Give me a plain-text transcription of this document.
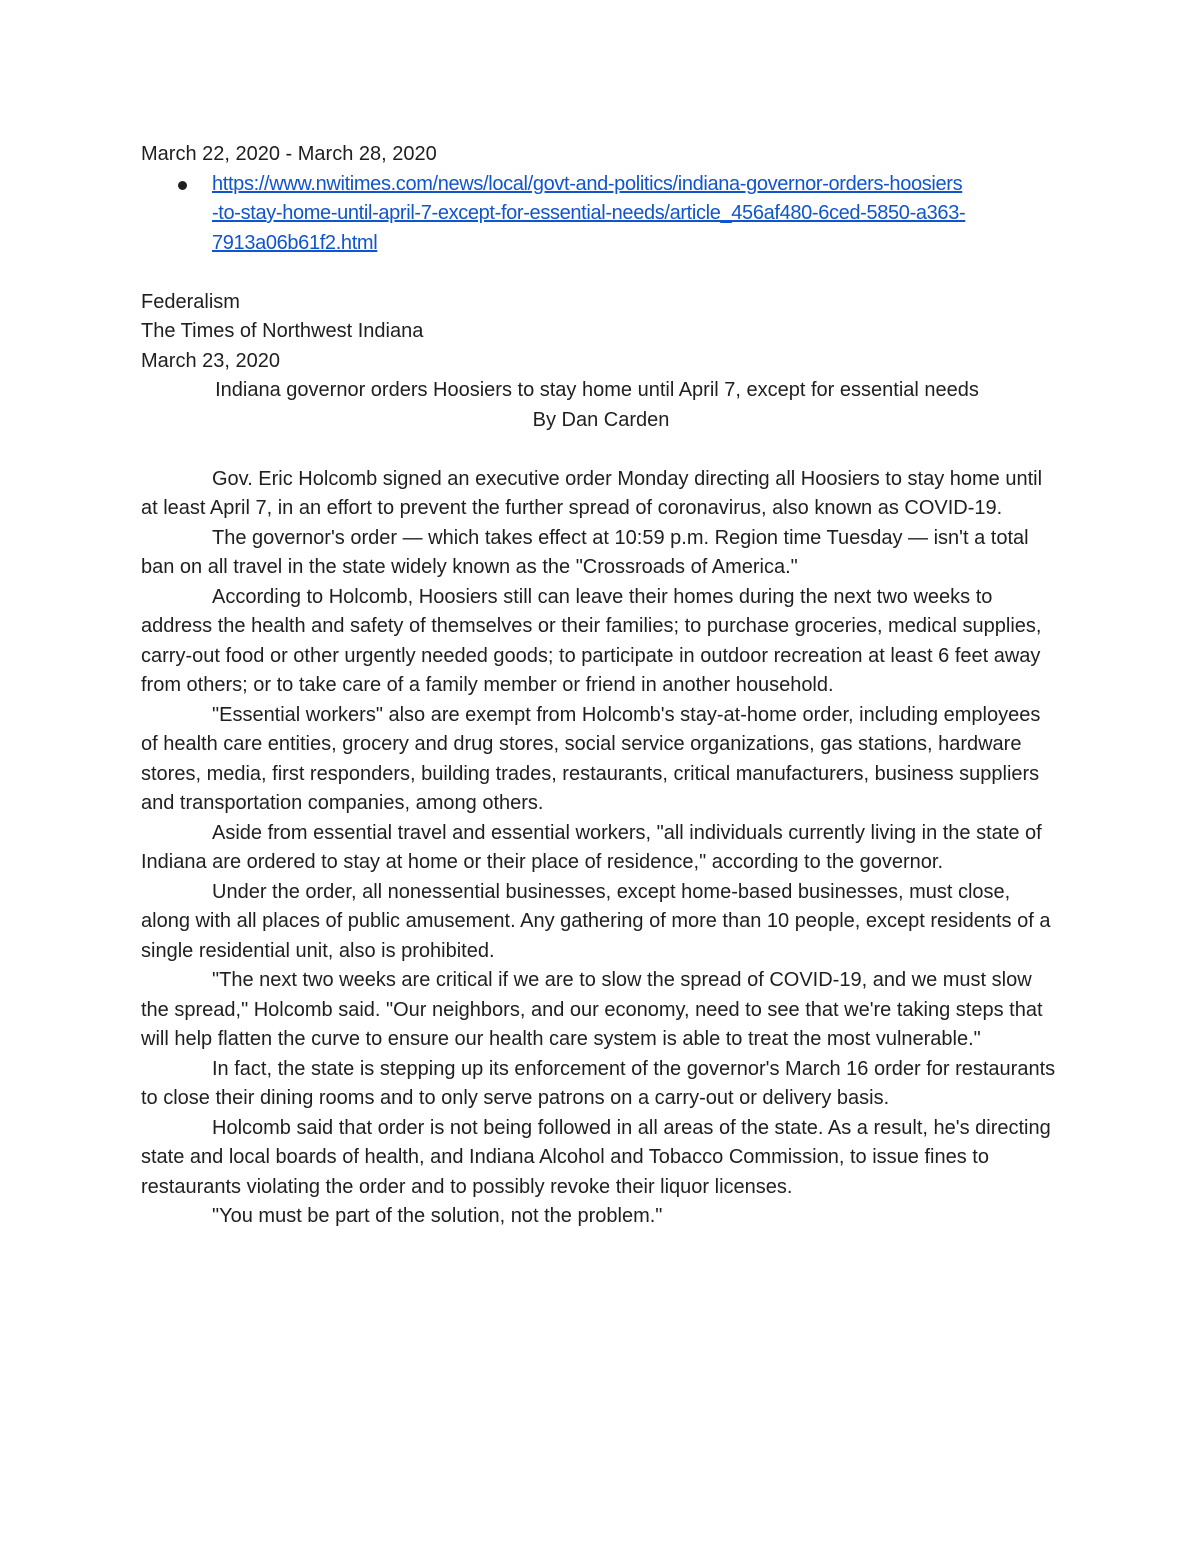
March 22, 2020 - March 28, 2020

https://www.nwitimes.com/news/local/govt-and-politics/indiana-governor-orders-hoosiers
-to-stay-home-until-april-7-except-for-essential-needs/article_456af480-6ced-5850-a363-
7913a06b61f2.html

Federalism

The Times of Northwest Indiana

March 23, 2020

Indiana governor orders Hoosiers to stay home until April 7, except for essential needs

By Dan Carden

Gov. Eric Holcomb signed an executive order Monday directing all Hoosiers to stay home until at least April 7, in an effort to prevent the further spread of coronavirus, also known as COVID-19.

The governor's order — which takes effect at 10:59 p.m. Region time Tuesday — isn't a total ban on all travel in the state widely known as the "Crossroads of America."

According to Holcomb, Hoosiers still can leave their homes during the next two weeks to address the health and safety of themselves or their families; to purchase groceries, medical supplies, carry-out food or other urgently needed goods; to participate in outdoor recreation at least 6 feet away from others; or to take care of a family member or friend in another household.

"Essential workers" also are exempt from Holcomb's stay-at-home order, including employees of health care entities, grocery and drug stores, social service organizations, gas stations, hardware stores, media, first responders, building trades, restaurants, critical manufacturers, business suppliers and transportation companies, among others.

Aside from essential travel and essential workers, "all individuals currently living in the state of Indiana are ordered to stay at home or their place of residence," according to the governor.

Under the order, all nonessential businesses, except home-based businesses, must close, along with all places of public amusement. Any gathering of more than 10 people, except residents of a single residential unit, also is prohibited.

"The next two weeks are critical if we are to slow the spread of COVID-19, and we must slow the spread," Holcomb said. "Our neighbors, and our economy, need to see that we're taking steps that will help flatten the curve to ensure our health care system is able to treat the most vulnerable."

In fact, the state is stepping up its enforcement of the governor's March 16 order for restaurants to close their dining rooms and to only serve patrons on a carry-out or delivery basis.

Holcomb said that order is not being followed in all areas of the state. As a result, he's directing state and local boards of health, and Indiana Alcohol and Tobacco Commission, to issue fines to restaurants violating the order and to possibly revoke their liquor licenses.

"You must be part of the solution, not the problem."
